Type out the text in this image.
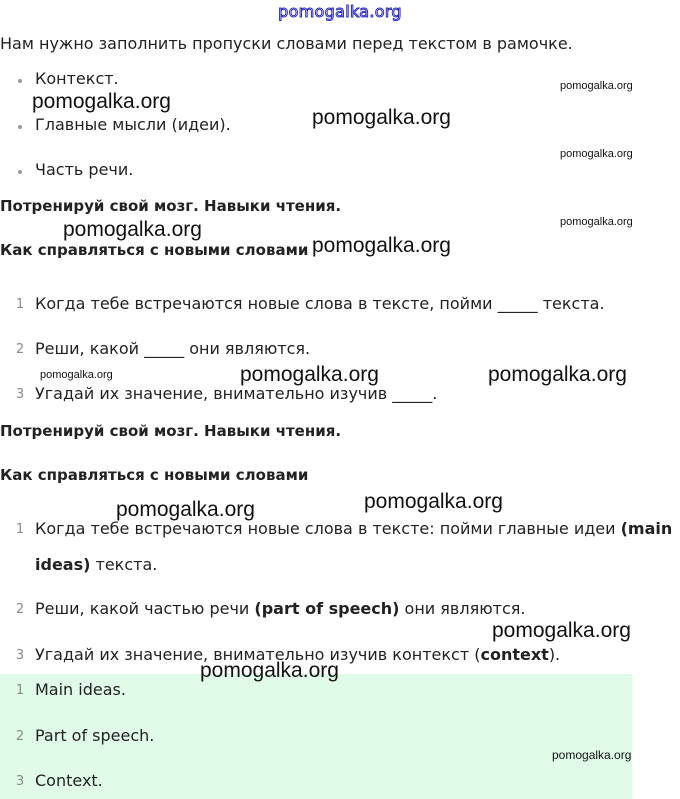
pomogalka.org
Нам нужно заполнить пропуски словами перед текстом в рамочке.
Контекст.
Главные мысли (идеи).
Часть речи.
Потренируй свой мозг. Навыки чтения.
Как справляться с новыми словами
1 Когда тебе встречаются новые слова в тексте, пойми _____ текста.
2 Реши, какой _____ они являются.
3 Угадай их значение, внимательно изучив _____.
Потренируй свой мозг. Навыки чтения.
Как справляться с новыми словами
1 Когда тебе встречаются новые слова в тексте: пойми главные идеи (main
ideas) текста.
2 Реши, какой частью речи (part of speech) они являются.
3 Угадай их значение, внимательно изучив контекст (context).
1 Main ideas.
2 Part of speech.
3 Context.
pomogalka.org
pomogalka.org
pomogalka.org
pomogalka.org
pomogalka.org
pomogalka.org
pomogalka.org
pomogalka.org	pomogalka.org	pomogalka.org
pomogalka.org	pomogalka.org
pomogalka.org
pomogalka.org
pomogalka.org
